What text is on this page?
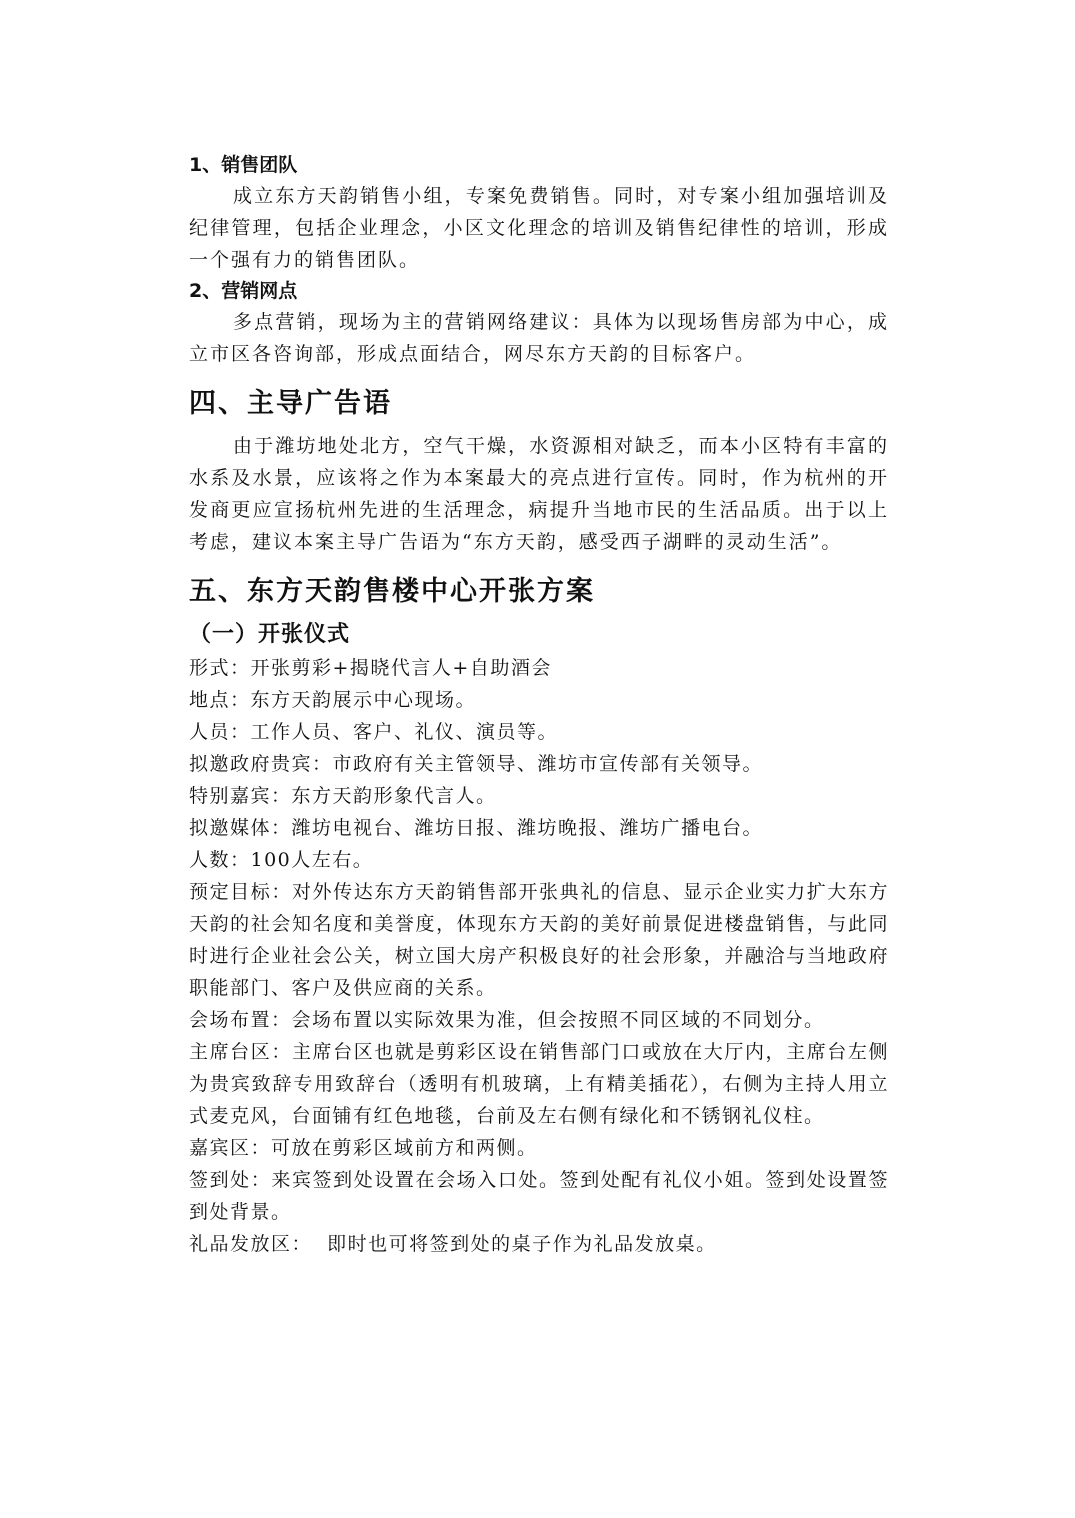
1、销售团队

成立东方天韵销售小组，专案免费销售。同时，对专案小组加强培训及纪律管理，包括企业理念，小区文化理念的培训及销售纪律性的培训，形成一个强有力的销售团队。

2、营销网点

多点营销，现场为主的营销网络建议：具体为以现场售房部为中心，成立市区各咨询部，形成点面结合，网尽东方天韵的目标客户。

四、主导广告语

由于潍坊地处北方，空气干燥，水资源相对缺乏，而本小区特有丰富的水系及水景，应该将之作为本案最大的亮点进行宣传。同时，作为杭州的开发商更应宣扬杭州先进的生活理念，病提升当地市民的生活品质。出于以上考虑，建议本案主导广告语为“东方天韵，感受西子湖畔的灵动生活”。

五、东方天韵售楼中心开张方案
（一）开张仪式

形式：开张剪彩+揭晓代言人+自助酒会

地点：东方天韵展示中心现场。

人员：工作人员、客户、礼仪、演员等。

拟邀政府贵宾：市政府有关主管领导、潍坊市宣传部有关领导。

特别嘉宾：东方天韵形象代言人。

拟邀媒体：潍坊电视台、潍坊日报、潍坊晚报、潍坊广播电台。

人数：100人左右。

预定目标：对外传达东方天韵销售部开张典礼的信息、显示企业实力扩大东方天韵的社会知名度和美誉度，体现东方天韵的美好前景促进楼盘销售，与此同时进行企业社会公关，树立国大房产积极良好的社会形象，并融洽与当地政府职能部门、客户及供应商的关系。

会场布置：会场布置以实际效果为准，但会按照不同区域的不同划分。

主席台区：主席台区也就是剪彩区设在销售部门口或放在大厅内，主席台左侧为贵宾致辞专用致辞台（透明有机玻璃，上有精美插花），右侧为主持人用立式麦克风，台面铺有红色地毯，台前及左右侧有绿化和不锈钢礼仪柱。

嘉宾区：可放在剪彩区域前方和两侧。

签到处：来宾签到处设置在会场入口处。签到处配有礼仪小姐。签到处设置签到处背景。

礼品发放区：  即时也可将签到处的桌子作为礼品发放桌。
